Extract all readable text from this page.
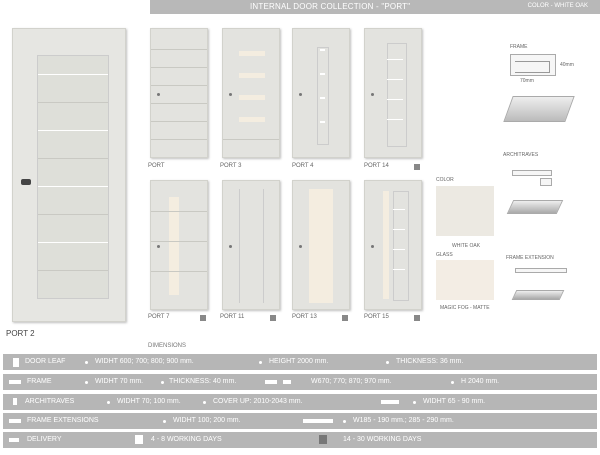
INTERNAL DOOR COLLECTION - "PORT"	COLOR - WHITE OAK
PORT 2
PORT	PORT 3	PORT 4	PORT 14
PORT 7	PORT 11	PORT 13	PORT 15
FRAME
70mm
40mm
ARCHITRAVES
FRAME EXTENSION
COLOR
WHITE OAK
GLASS
MAGIC FOG - MATTE
DIMENSIONS
DOOR LEAF	WIDHT 600; 700; 800; 900 mm.	HEIGHT 2000 mm.	THICKNESS: 36 mm.
FRAME	WIDHT 70 mm.	THICKNESS: 40 mm.	W670; 770; 870; 970 mm.	H 2040 mm.
ARCHITRAVES	WIDHT 70; 100 mm.	COVER UP: 2010-2043 mm.	WIDHT 65 - 90 mm.
FRAME EXTENSIONS	WIDHT 100; 200 mm.	W185 - 190 mm.; 285 - 290 mm.
DELIVERY	4 - 8 WORKING DAYS	14 - 30 WORKING DAYS
